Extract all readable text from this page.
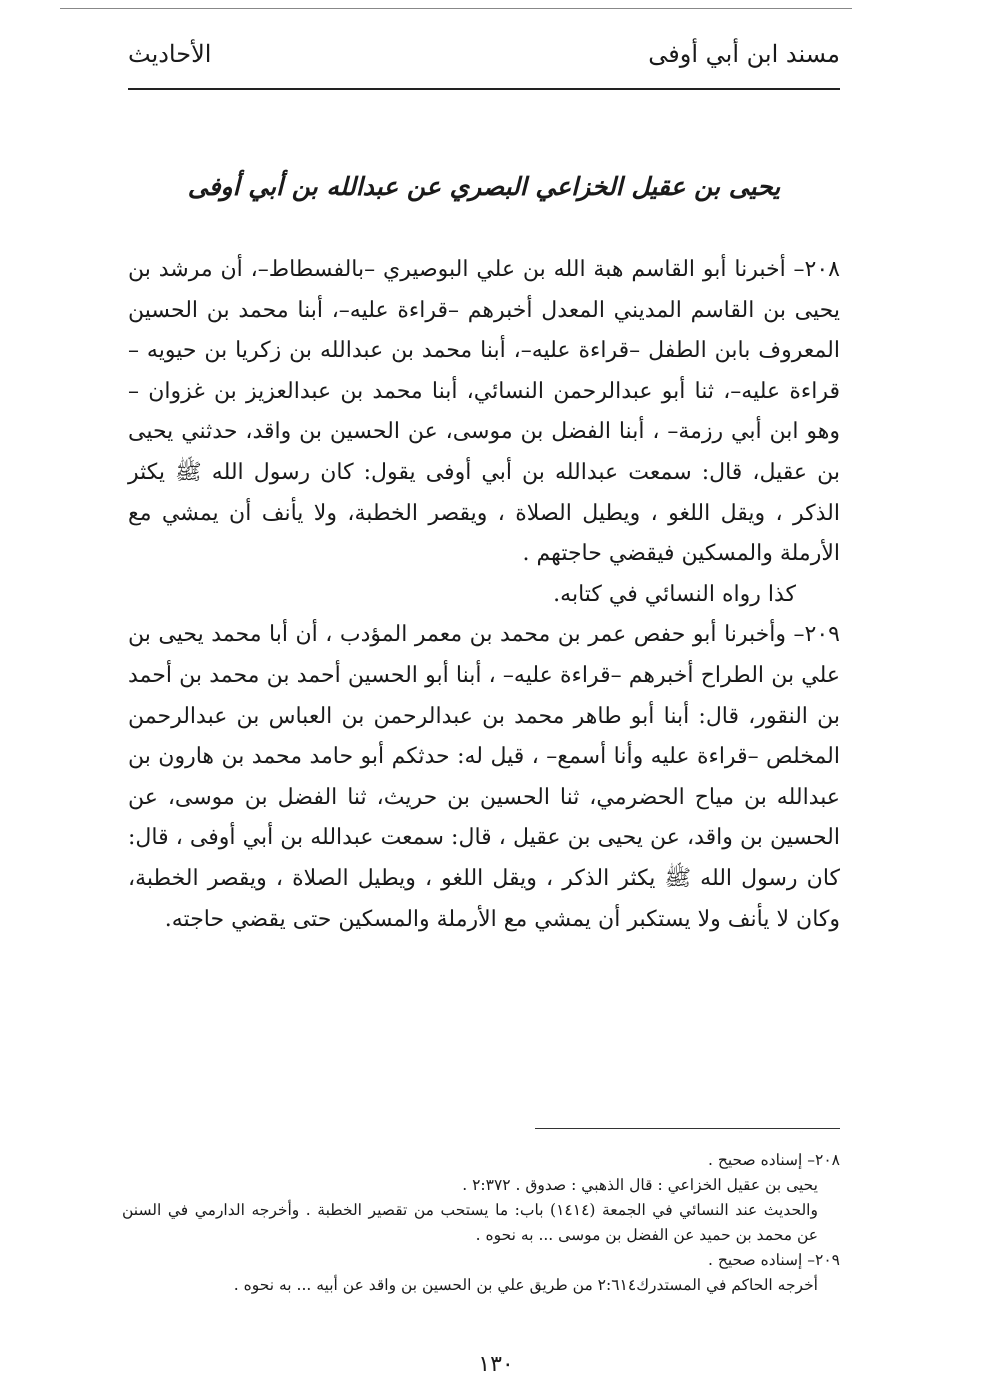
مسند ابن أبي أوفى
الأحاديث
يحيى بن عقيل الخزاعي البصري عن عبدالله بن أبي أوفى

٢٠٨– أخبرنا أبو القاسم هبة الله بن علي البوصيري –بالفسطاط–، أن مرشد بن يحيى بن القاسم المديني المعدل أخبرهم –قراءة عليه–، أبنا محمد بن الحسين المعروف بابن الطفل –قراءة عليه–، أبنا محمد بن عبدالله بن زكريا بن حيويه –قراءة عليه–، ثنا أبو عبدالرحمن النسائي، أبنا محمد بن عبدالعزيز بن غزوان –وهو ابن أبي رزمة– ، أبنا الفضل بن موسى، عن الحسين بن واقد، حدثني يحيى بن عقيل، قال: سمعت عبدالله بن أبي أوفى يقول: كان رسول الله ﷺ يكثر الذكر ، ويقل اللغو ، ويطيل الصلاة ، ويقصر الخطبة، ولا يأنف أن يمشي مع الأرملة والمسكين فيقضي حاجتهم .

كذا رواه النسائي في كتابه.

٢٠٩– وأخبرنا أبو حفص عمر بن محمد بن معمر المؤدب ، أن أبا محمد يحيى بن علي بن الطراح أخبرهم –قراءة عليه– ، أبنا أبو الحسين أحمد بن محمد بن أحمد بن النقور، قال: أبنا أبو طاهر محمد بن عبدالرحمن بن العباس بن عبدالرحمن المخلص –قراءة عليه وأنا أسمع– ، قيل له: حدثكم أبو حامد محمد بن هارون بن عبدالله بن مياح الحضرمي، ثنا الحسين بن حريث، ثنا الفضل بن موسى، عن الحسين بن واقد، عن يحيى بن عقيل ، قال: سمعت عبدالله بن أبي أوفى ، قال: كان رسول الله ﷺ يكثر الذكر ، ويقل اللغو ، ويطيل الصلاة ، ويقصر الخطبة، وكان لا يأنف ولا يستكبر أن يمشي مع الأرملة والمسكين حتى يقضي حاجته.

٢٠٨– إسناده صحيح .

يحيى بن عقيل الخزاعي : قال الذهبي : صدوق . ٢:٣٧٢ .

والحديث عند النسائي في الجمعة (١٤١٤) باب: ما يستحب من تقصير الخطبة . وأخرجه الدارمي في السنن عن محمد بن حميد عن الفضل بن موسى ... به نحوه .

٢٠٩– إسناده صحيح .

أخرجه الحاكم في المستدرك٢:٦١٤ من طريق علي بن الحسين بن واقد عن أبيه ... به نحوه .

١٣٠
